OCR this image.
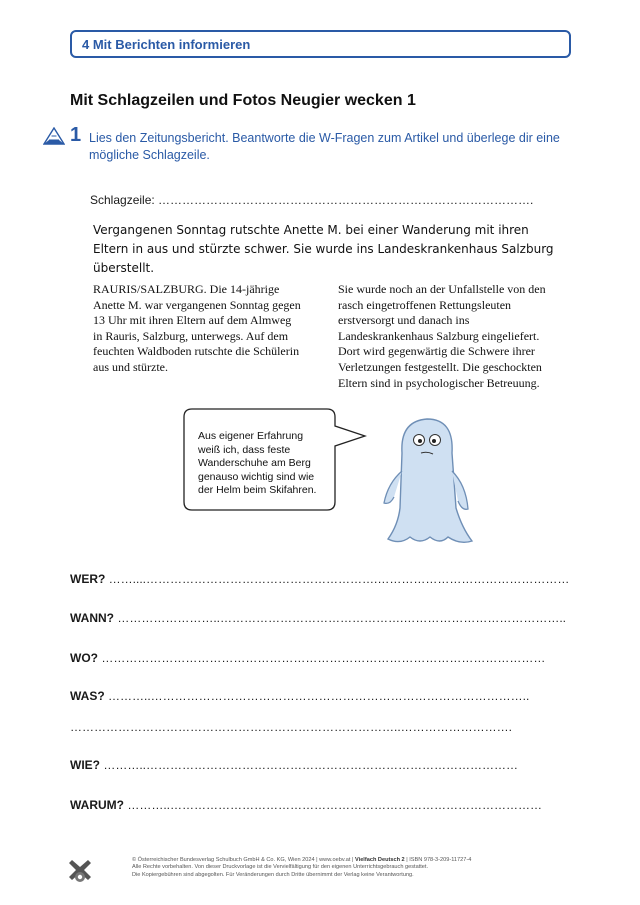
4 Mit Berichten informieren
Mit Schlagzeilen und Fotos Neugier wecken 1
1 Lies den Zeitungsbericht. Beantworte die W-Fragen zum Artikel und überlege dir eine mögliche Schlagzeile.

Schlagzeile: ………………………………………………………………………………….

Vergangenen Sonntag rutschte Anette M. bei einer Wanderung mit ihren Eltern in aus und stürzte schwer. Sie wurde ins Landeskrankenhaus Salzburg überstellt.

RAURIS/SALZBURG. Die 14-jährige Anette M. war vergangenen Sonntag gegen 13 Uhr mit ihren Eltern auf dem Almweg in Rauris, Salzburg, unterwegs. Auf dem feuchten Waldboden rutschte die Schülerin aus und stürzte.

Sie wurde noch an der Unfallstelle von den rasch eingetroffenen Rettungsleuten erstversorgt und danach ins Landeskrankenhaus Salzburg eingeliefert. Dort wird gegenwärtig die Schwere ihrer Verletzungen festgestellt. Die geschockten Eltern sind in psychologischer Betreuung.

Aus eigener Erfahrung weiß ich, dass feste Wanderschuhe am Berg genauso wichtig sind wie der Helm beim Skifahren.

WER? ……....………………………………………………….…………………………………………
WANN? ……………………..……………………………………….…………………………………..
WO? …………………………………………………………………………………………………
WAS? ………..…………………………………………………………………………………..
………………………………………………………………………..……………………….
WIE? ………..…………………………………………………………………………………
WARUM? ………..…………………………………………………………………………………
© Österreichischer Bundesverlag Schulbuch GmbH & Co. KG, Wien 2024 | www.oebv.at | Vielfach Deutsch 2 | ISBN 978-3-209-11727-4
Alle Rechte vorbehalten. Von dieser Druckvorlage ist die Vervielfältigung für den eigenen Unterrichtsgebrauch gestattet.
Die Kopiergebühren sind abgegolten. Für Veränderungen durch Dritte übernimmt der Verlag keine Verantwortung.
